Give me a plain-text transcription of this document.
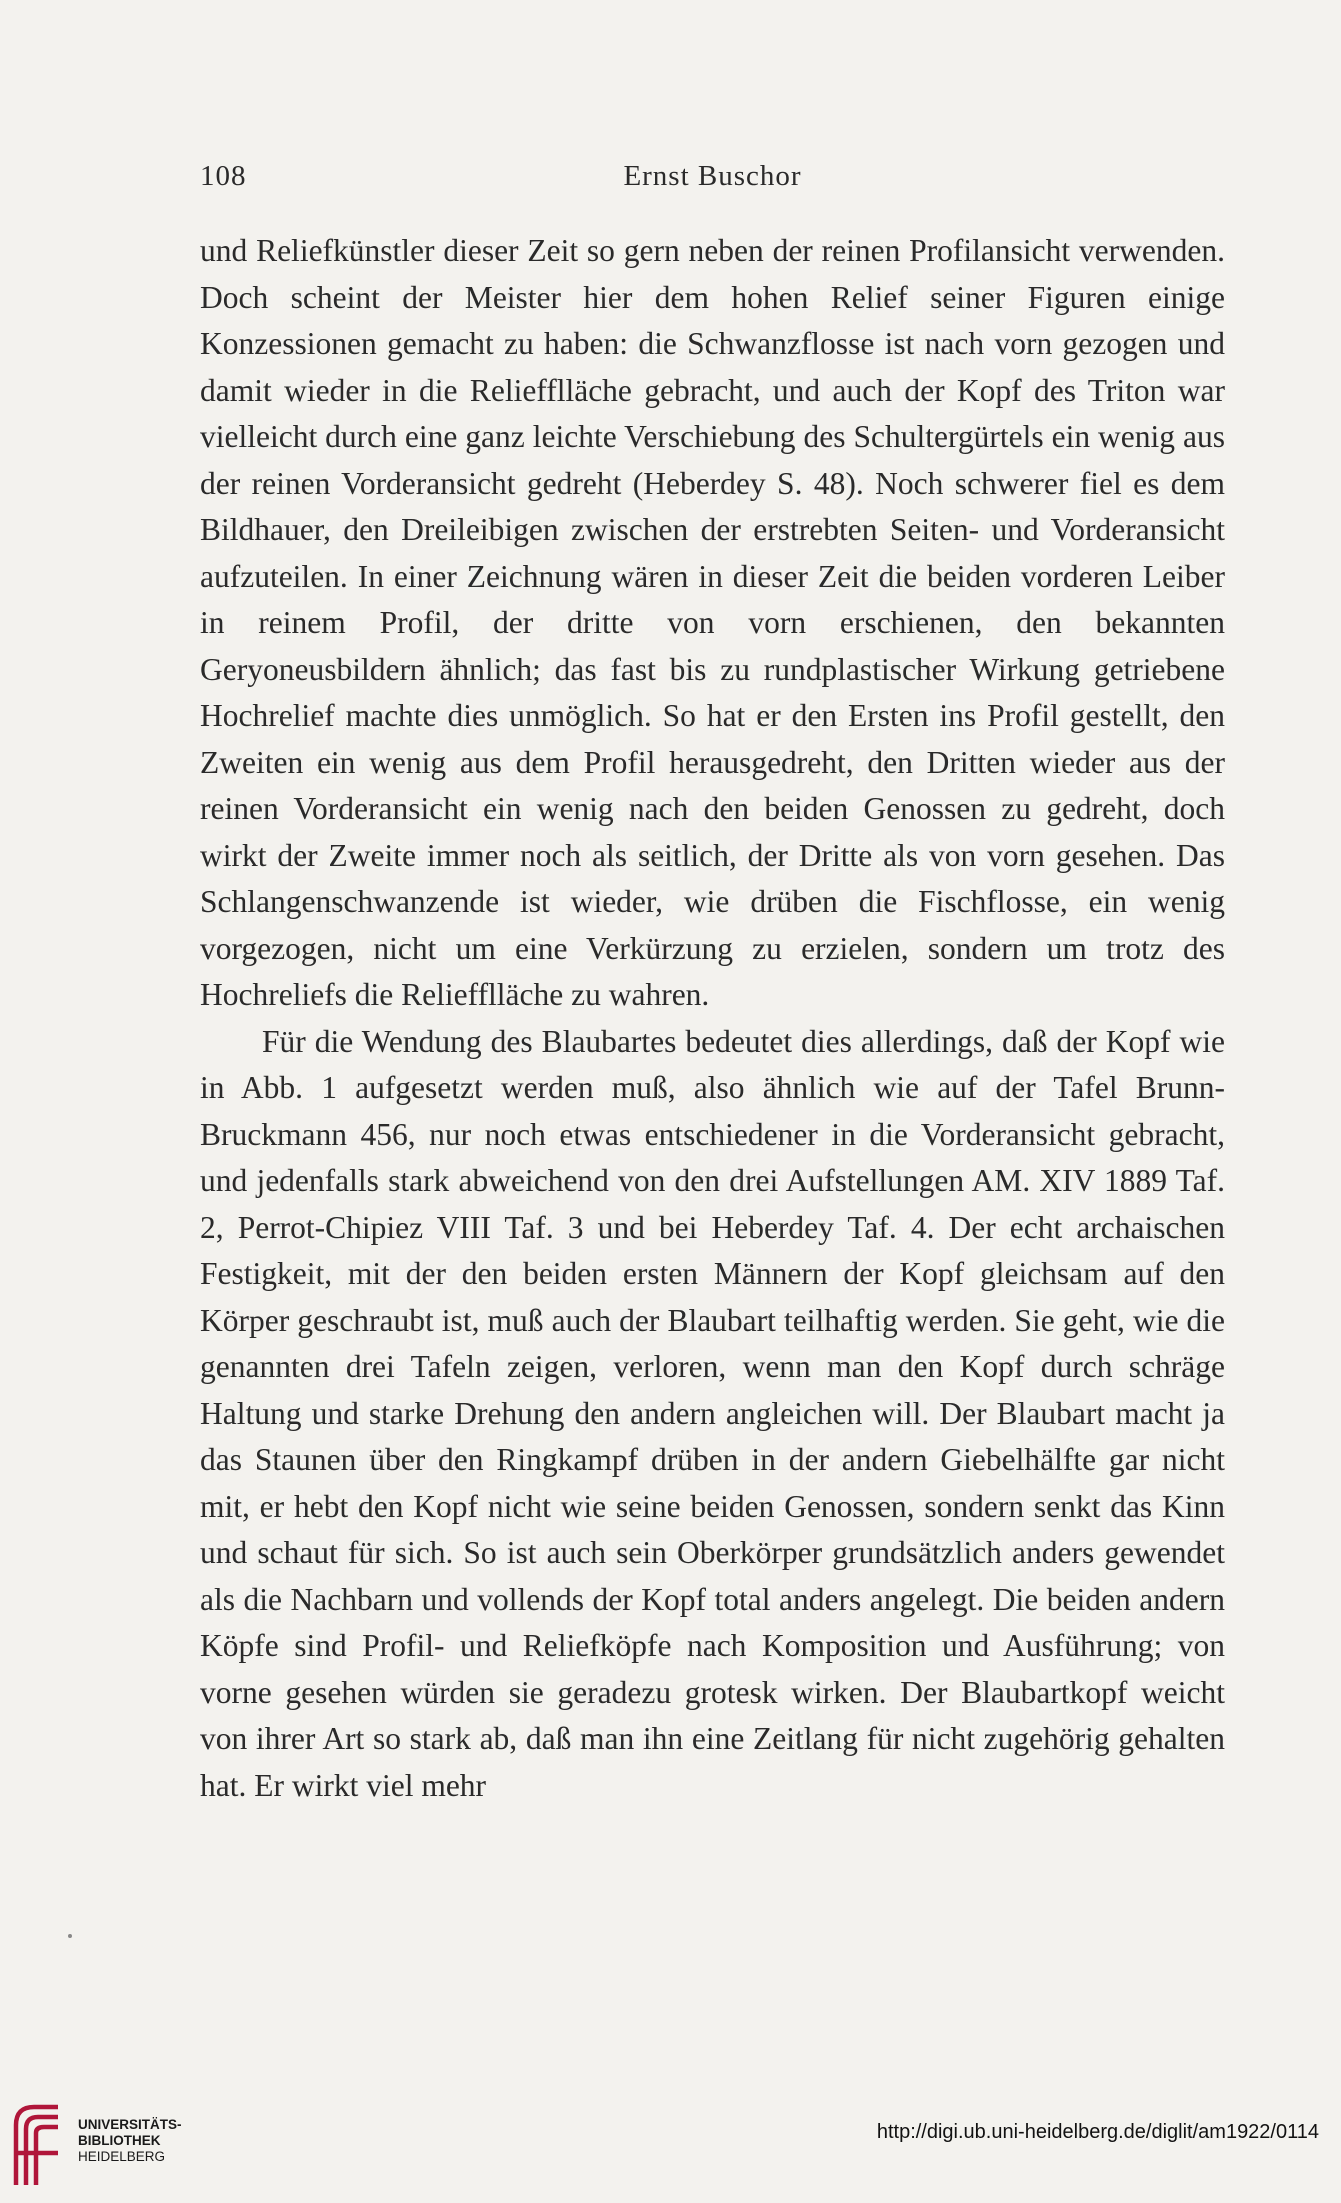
108	Ernst Buschor

und Reliefkünstler dieser Zeit so gern neben der reinen Profilansicht verwenden. Doch scheint der Meister hier dem hohen Relief seiner Figuren einige Konzessionen gemacht zu haben: die Schwanzflosse ist nach vorn gezogen und damit wieder in die Reliefflläche gebracht, und auch der Kopf des Triton war vielleicht durch eine ganz leichte Verschiebung des Schultergürtels ein wenig aus der reinen Vorderansicht gedreht (Heberdey S. 48). Noch schwerer fiel es dem Bildhauer, den Dreileibigen zwischen der erstrebten Seiten- und Vorderansicht aufzuteilen. In einer Zeichnung wären in dieser Zeit die beiden vorderen Leiber in reinem Profil, der dritte von vorn erschienen, den bekannten Geryoneusbildern ähnlich; das fast bis zu rundplastischer Wirkung getriebene Hochrelief machte dies unmöglich. So hat er den Ersten ins Profil gestellt, den Zweiten ein wenig aus dem Profil herausgedreht, den Dritten wieder aus der reinen Vorderansicht ein wenig nach den beiden Genossen zu gedreht, doch wirkt der Zweite immer noch als seitlich, der Dritte als von vorn gesehen. Das Schlangenschwanzende ist wieder, wie drüben die Fischflosse, ein wenig vorgezogen, nicht um eine Verkürzung zu erzielen, sondern um trotz des Hochreliefs die Reliefflläche zu wahren.

Für die Wendung des Blaubartes bedeutet dies allerdings, daß der Kopf wie in Abb. 1 aufgesetzt werden muß, also ähnlich wie auf der Tafel Brunn-Bruckmann 456, nur noch etwas entschiedener in die Vorderansicht gebracht, und jedenfalls stark abweichend von den drei Aufstellungen AM. XIV 1889 Taf. 2, Perrot-Chipiez VIII Taf. 3 und bei Heberdey Taf. 4. Der echt archaischen Festigkeit, mit der den beiden ersten Männern der Kopf gleichsam auf den Körper geschraubt ist, muß auch der Blaubart teilhaftig werden. Sie geht, wie die genannten drei Tafeln zeigen, verloren, wenn man den Kopf durch schräge Haltung und starke Drehung den andern angleichen will. Der Blaubart macht ja das Staunen über den Ringkampf drüben in der andern Giebelhälfte gar nicht mit, er hebt den Kopf nicht wie seine beiden Genossen, sondern senkt das Kinn und schaut für sich. So ist auch sein Oberkörper grundsätzlich anders gewendet als die Nachbarn und vollends der Kopf total anders angelegt. Die beiden andern Köpfe sind Profil- und Reliefköpfe nach Komposition und Ausführung; von vorne gesehen würden sie geradezu grotesk wirken. Der Blaubartkopf weicht von ihrer Art so stark ab, daß man ihn eine Zeitlang für nicht zugehörig gehalten hat. Er wirkt viel mehr

UNIVERSITÄTS-
BIBLIOTHEK
HEIDELBERG
http://digi.ub.uni-heidelberg.de/diglit/am1922/0114
